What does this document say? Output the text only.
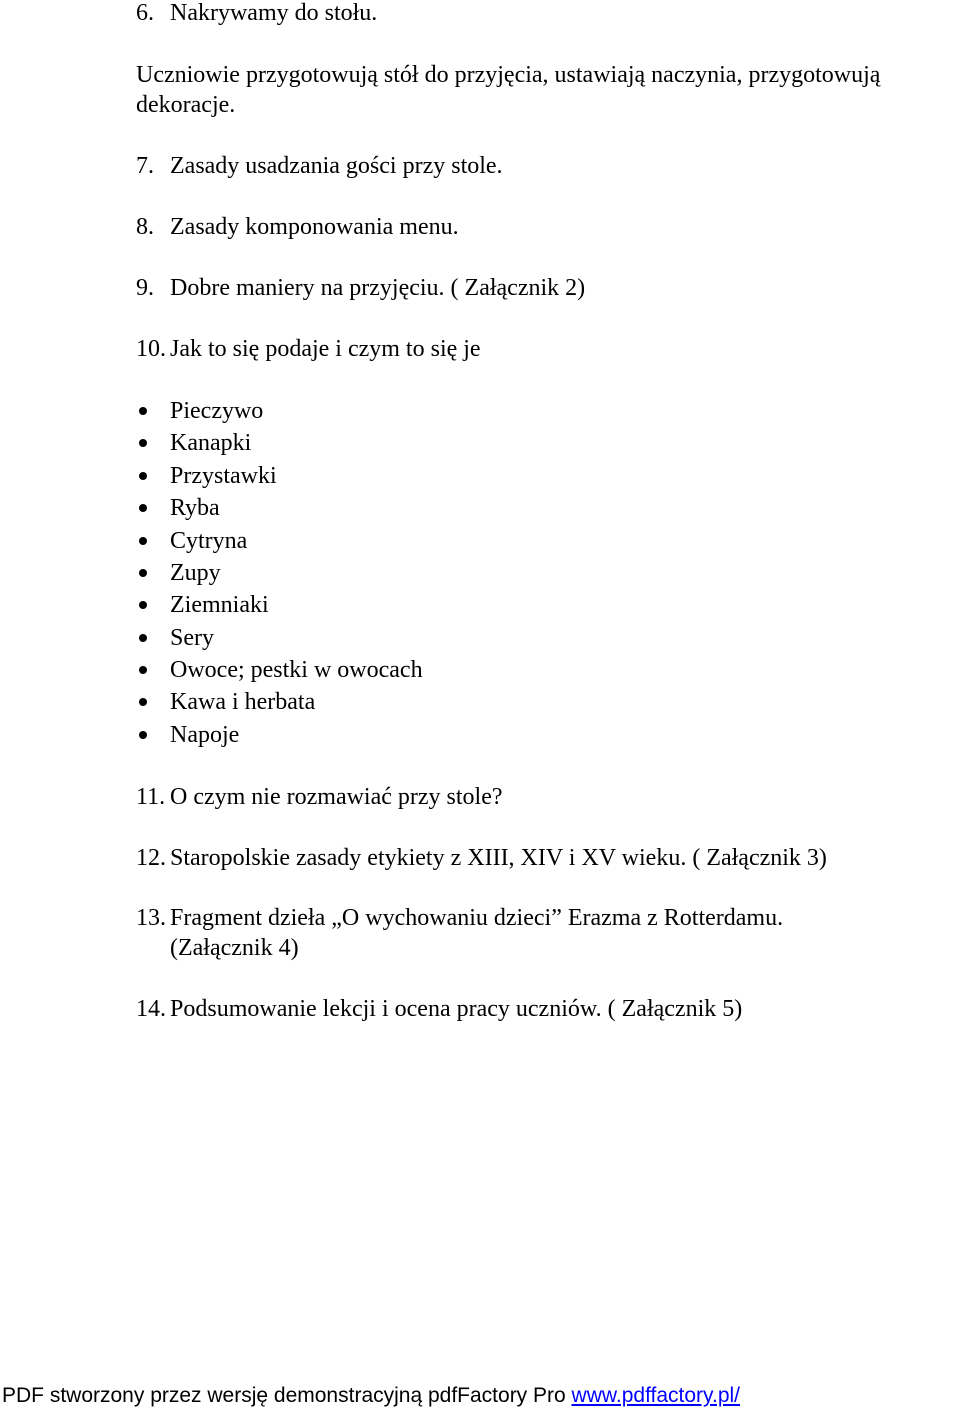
6. Nakrywamy do stołu.
Uczniowie przygotowują stół do przyjęcia, ustawiają naczynia, przygotowują
dekoracje.
7. Zasady usadzania gości przy stole.
8. Zasady komponowania menu.
9. Dobre maniery na przyjęciu. ( Załącznik 2)
10. Jak to się podaje i czym to się je
Pieczywo
Kanapki
Przystawki
Ryba
Cytryna
Zupy
Ziemniaki
Sery
Owoce; pestki w owocach
Kawa i herbata
Napoje
11. O czym nie rozmawiać przy stole?
12. Staropolskie zasady etykiety z XIII, XIV i XV wieku. ( Załącznik 3)
13. Fragment dzieła „O wychowaniu dzieci” Erazma z Rotterdamu.
(Załącznik 4)
14. Podsumowanie lekcji i ocena pracy uczniów. ( Załącznik 5)
PDF stworzony przez wersję demonstracyjną pdfFactory Pro www.pdffactory.pl/
